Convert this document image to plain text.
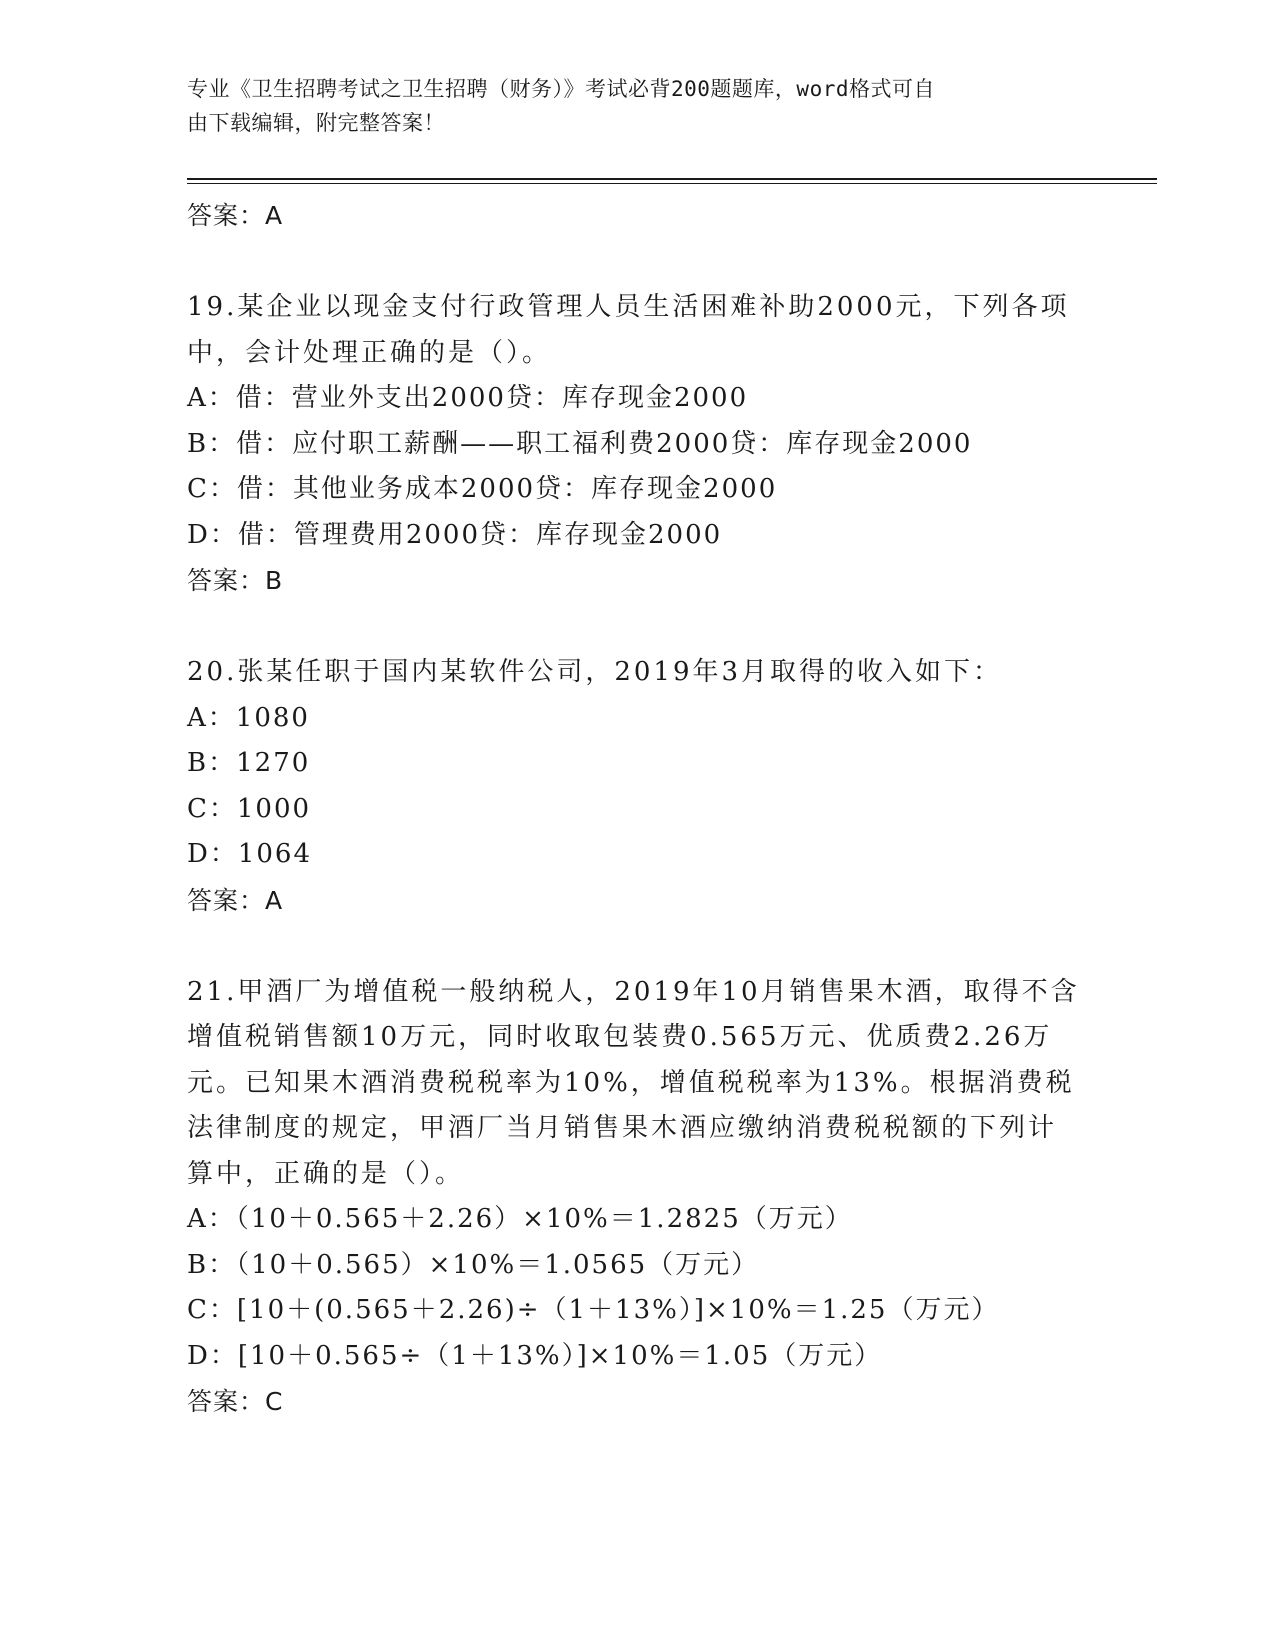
专业《卫生招聘考试之卫生招聘（财务）》考试必背200题题库，word格式可自
由下载编辑，附完整答案！
答案：A
19.某企业以现金支付行政管理人员生活困难补助2000元，下列各项
中，会计处理正确的是（）。
A：借：营业外支出2000贷：库存现金2000
B：借：应付职工薪酬——职工福利费2000贷：库存现金2000
C：借：其他业务成本2000贷：库存现金2000
D：借：管理费用2000贷：库存现金2000
答案：B
20.张某任职于国内某软件公司，2019年3月取得的收入如下：
A：1080
B：1270
C：1000
D：1064
答案：A
21.甲酒厂为增值税一般纳税人，2019年10月销售果木酒，取得不含
增值税销售额10万元，同时收取包装费0.565万元、优质费2.26万
元。已知果木酒消费税税率为10%，增值税税率为13%。根据消费税
法律制度的规定，甲酒厂当月销售果木酒应缴纳消费税税额的下列计
算中，正确的是（）。
A：（10＋0.565＋2.26）×10%＝1.2825（万元）
B：（10＋0.565）×10%＝1.0565（万元）
C：[10＋(0.565＋2.26)÷（1＋13%）]×10%＝1.25（万元）
D：[10＋0.565÷（1＋13%）]×10%＝1.05（万元）
答案：C
